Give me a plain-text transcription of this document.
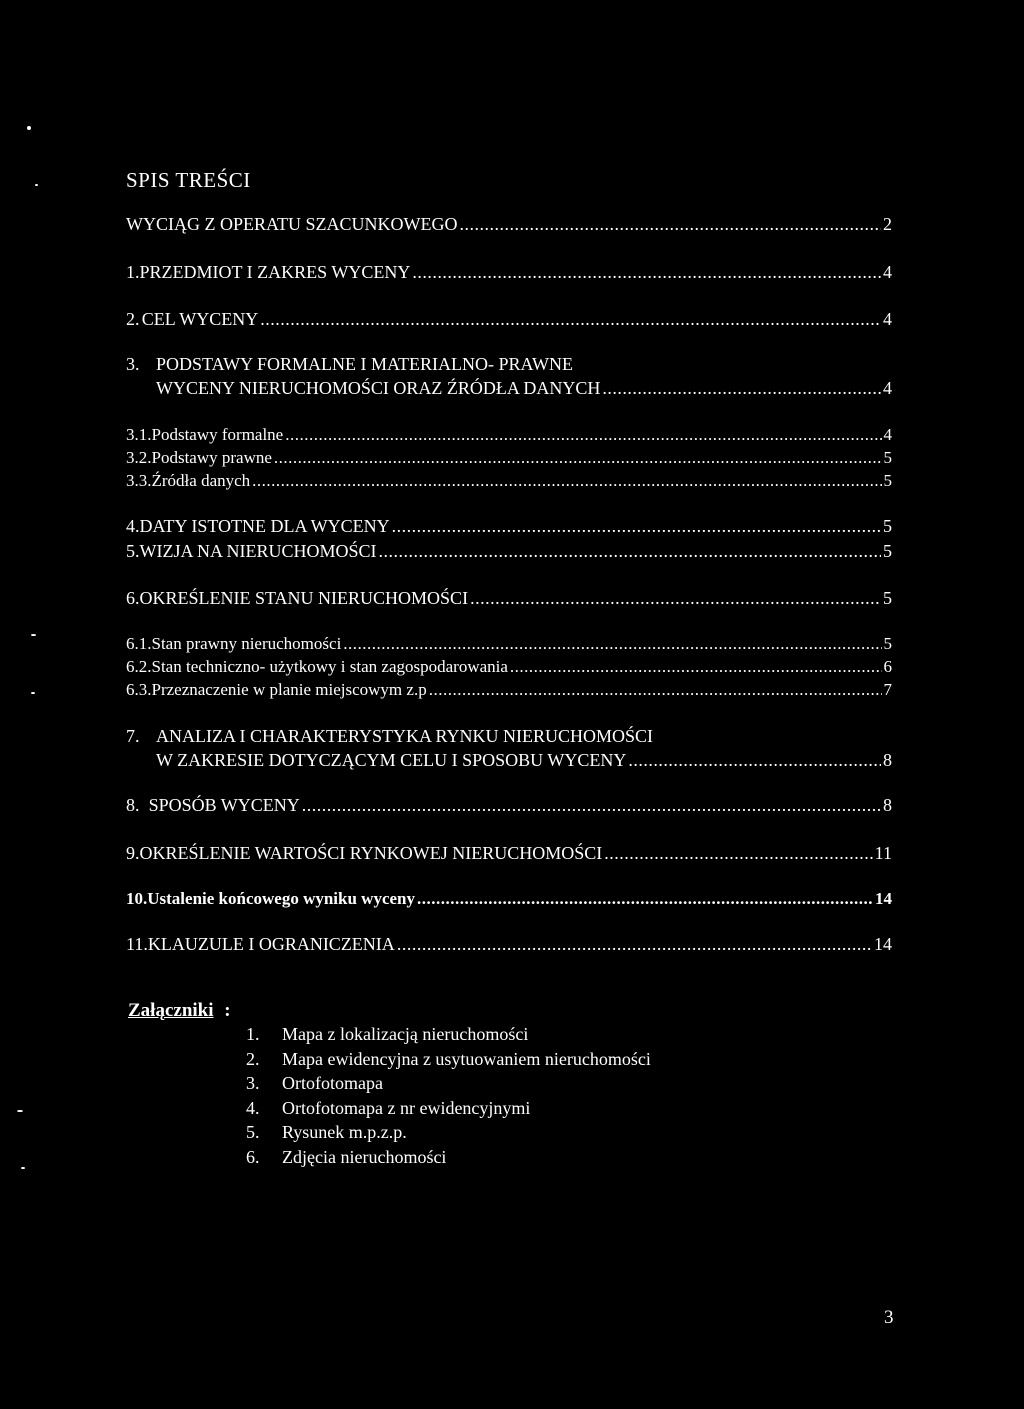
SPIS TREŚCI
WYCIĄG Z OPERATU SZACUNKOWEGO .....	2
1. PRZEDMIOT I ZAKRES WYCENY .....	4
2. CEL WYCENY .....	4
3. PODSTAWY FORMALNE I MATERIALNO- PRAWNE
WYCENY NIERUCHOMOŚCI ORAZ ŹRÓDŁA DANYCH .....	4
3.1. Podstawy formalne .....	4
3.2. Podstawy prawne .....	5
3.3. Źródła danych .....	5
4. DATY ISTOTNE DLA WYCENY .....	5
5. WIZJA NA NIERUCHOMOŚCI .....	5
6. OKREŚLENIE STANU NIERUCHOMOŚCI .....	5
6.1. Stan prawny nieruchomości .....	5
6.2. Stan techniczno- użytkowy i stan zagospodarowania .....	6
6.3. Przeznaczenie w planie miejscowym z.p .....	7
7. ANALIZA I CHARAKTERYSTYKA RYNKU NIERUCHOMOŚCI
W ZAKRESIE DOTYCZĄCYM CELU I SPOSOBU WYCENY .....	8
8. SPOSÓB WYCENY .....	8
9. OKREŚLENIE WARTOŚCI RYNKOWEJ NIERUCHOMOŚCI .....	11
10. Ustalenie końcowego wyniku wyceny .....	14
11. KLAUZULE I OGRANICZENIA .....	14
Załączniki :
1. Mapa z lokalizacją nieruchomości
2. Mapa ewidencyjna z usytuowaniem nieruchomości
3. Ortofotomapa
4. Ortofotomapa z nr ewidencyjnymi
5. Rysunek m.p.z.p.
6. Zdjęcia nieruchomości
3
